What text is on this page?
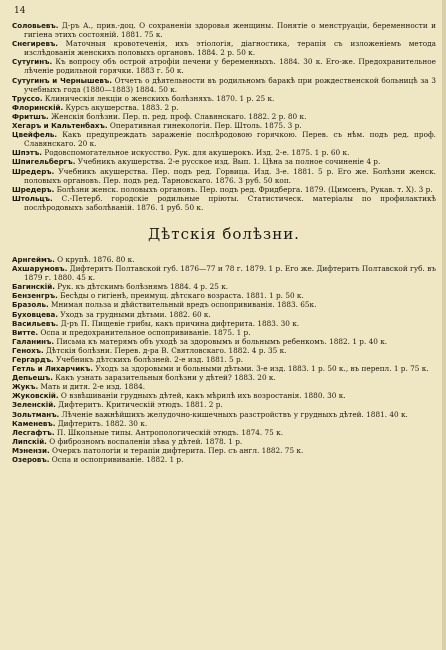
14
Соловьевъ. Д-ръ А., прив.-доц. О сохраненіи здоровья женщины. Понятіе о менструаціи, беременности и гигіена этихъ состояній. 1881. 75 к.
Снегиревъ. Маточныя кровотеченія, ихъ этіологія, діагностика, терапія съ изложеніемъ метода изслѣдованія женскихъ половыхъ органовъ. 1884. 2 р. 50 к.
Сутугинъ. Къ вопросу объ острой атрофіи печени у беременныхъ. 1884. 30 к. Его-же. Предохранительное лѣченіе родильной горячки. 1883 г. 50 к.
Сутугинъ и Чернышевъ. Отчетъ о дѣятельности въ родильномъ баракѣ при рождественской больницѣ за 3 учебныхъ года (1880—1883) 1884. 50 к.
Труссо. Клиническія лекціи о женскихъ болѣзняхъ. 1870. 1 р. 25 к.
Флоринскій. Курсъ акушерства. 1883. 2 р.
Фритшъ. Женскія болѣзни. Пер. п. ред. проф. Славянскаго. 1882. 2 р. 80 к.
Хегаръ и Кальтенбахъ. Оперативная гинекологія. Пер. Штоль. 1875. 3 р.
Цвейфель. Какъ предупреждать зараженіе послѣродовою горячкою. Перев. съ нѣм. подъ ред. проф. Славянскаго. 20 к.
Шпэтъ. Родовспомогательное искусство. Рук. для акушерокъ. Изд. 2-е. 1875. 1 р. 60 к.
Шпигельбергъ. Учебникъ акушерства. 2-е русское изд. Вып. 1. Цѣна за полное сочиненіе 4 р.
Шредеръ. Учебникъ акушерства. Пер. подъ ред. Горвица. Изд. 3-е. 1881. 5 р. Его же. Болѣзни женск. половыхъ органовъ. Пер. подъ ред. Тарновскаго. 1876. 3 руб. 50 коп.
Шредеръ. Болѣзни женск. половыхъ органовъ. Пер. подъ ред. Фридберга. 1879. (Цимсенъ, Рукав. т. X). 3 р.
Штольцъ. С.-Петерб. городскіе родильные пріюты. Статистическ. матеріалы по профилактикѣ послѣродовыхъ заболѣваній. 1876. 1 руб. 50 к.
Дѣтскія болѣзни.
Арнгеймъ. О крупѣ. 1876. 80 к.
Ахшарумовъ. Дифтеритъ Полтавской губ. 1876—77 и 78 г. 1879. 1 р. Его же. Дифтеритъ Полтавской губ. въ 1879 г. 1880. 45 к.
Багинскій. Рук. къ дѣтскимъ болѣзнямъ 1884. 4 р. 25 к.
Бензенгръ. Бесѣды о гигіенѣ, преимущ. дѣтскаго возраста. 1881. 1 р. 50 к.
Бразоль. Мнимая польза и дѣйствительный вредъ оспопрививанія. 1883. 65к.
Буховцева. Уходъ за грудными дѣтьми. 1882. 60 к.
Васильевъ. Д-ръ П. Пищевіе грибы, какъ причина дифтерита. 1883. 30 к.
Витте. Оспа и предохранительное оспопрививаніе. 1875. 1 р.
Галанинъ. Письма къ матерямъ объ уходѣ за здоровымъ и больнымъ ребенкомъ. 1882. 1 р. 40 к.
Генохъ. Дѣтскія болѣзни. Перев. д-ра В. Святловскаго. 1882. 4 р. 35 к.
Гергардъ. Учебникъ дѣтскихъ болѣзней. 2-е изд. 1881. 5 р.
Гетль и Лихарчикъ. Уходъ за здоровыми и больными дѣтьми. 3-е изд. 1883. 1 р. 50 к., въ перепл. 1 р. 75 к.
Депьешъ. Какъ узнать заразительныя болѣзни у дѣтей? 1883. 20 к.
Жукъ. Мать и дитя. 2-е изд. 1884.
Жуковскій. О взвѣшиваніи грудныхъ дѣтей, какъ мѣрилѣ ихъ возростанія. 1880. 30 к.
Зеленскій. Дифтеритъ. Критическій этюдъ. 1881. 2 р.
Зольтманъ. Лѣченіе важнѣйшихъ желудочно-кишечныхъ разстройствъ у грудныхъ дѣтей. 1881. 40 к.
Каменевъ. Дифтеритъ. 1882. 30 к.
Лесгафтъ. П. Школьные типы. Антропологическій этюдъ. 1874. 75 к.
Липскій. О фиброзномъ воспаленіи зѣва у дѣтей. 1878. 1 р.
Мэнензи. Очеркъ патологіи и терапіи дифтерита. Пер. съ англ. 1882. 75 к.
Озеровъ. Оспа и оспопрививаніе. 1882. 1 р.
